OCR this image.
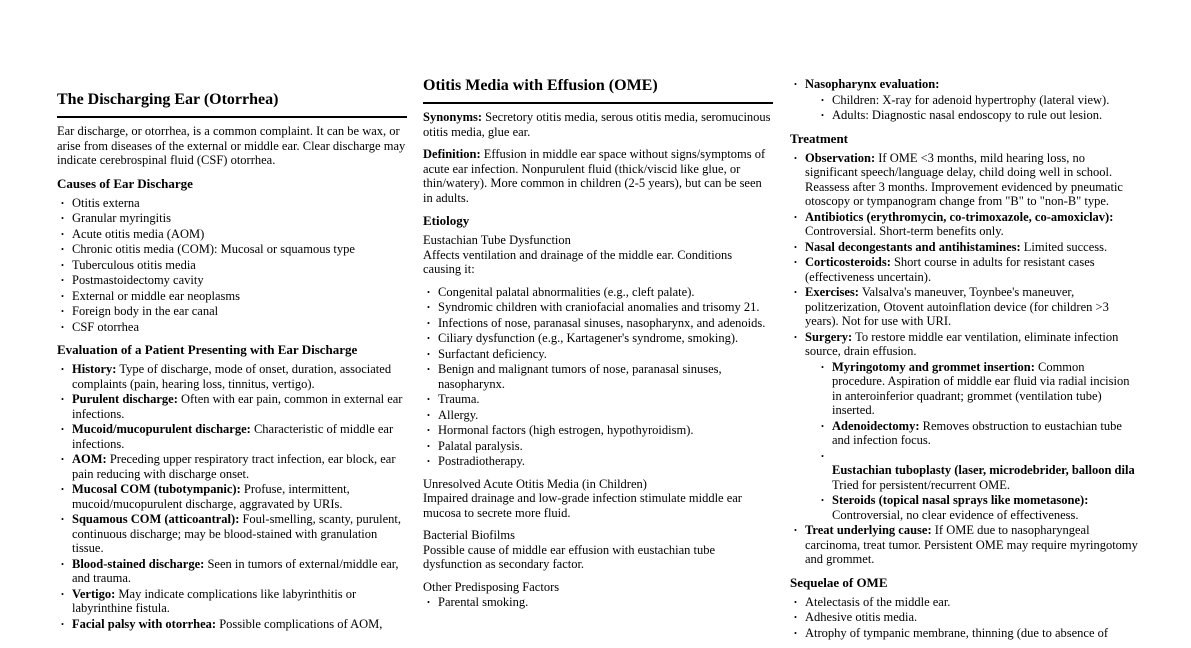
The Discharging Ear (Otorrhea)
Ear discharge, or otorrhea, is a common complaint. It can be wax, or arise from diseases of the external or middle ear. Clear discharge may indicate cerebrospinal fluid (CSF) otorrhea.
Causes of Ear Discharge
• Otitis externa
• Granular myringitis
• Acute otitis media (AOM)
• Chronic otitis media (COM): Mucosal or squamous type
• Tuberculous otitis media
• Postmastoidectomy cavity
• External or middle ear neoplasms
• Foreign body in the ear canal
• CSF otorrhea
Evaluation of a Patient Presenting with Ear Discharge
• History: Type of discharge, mode of onset, duration, associated complaints (pain, hearing loss, tinnitus, vertigo).
• Purulent discharge: Often with ear pain, common in external ear infections.
• Mucoid/mucopurulent discharge: Characteristic of middle ear infections.
• AOM: Preceding upper respiratory tract infection, ear block, ear pain reducing with discharge onset.
• Mucosal COM (tubotympanic): Profuse, intermittent, mucoid/mucopurulent discharge, aggravated by URIs.
• Squamous COM (atticoantral): Foul-smelling, scanty, purulent, continuous discharge; may be blood-stained with granulation tissue.
• Blood-stained discharge: Seen in tumors of external/middle ear, and trauma.
• Vertigo: May indicate complications like labyrinthitis or labyrinthine fistula.
• Facial palsy with otorrhea: Possible complications of AOM,
Otitis Media with Effusion (OME)
Synonyms: Secretory otitis media, serous otitis media, seromucinous otitis media, glue ear.
Definition: Effusion in middle ear space without signs/symptoms of acute ear infection. Nonpurulent fluid (thick/viscid like glue, or thin/watery). More common in children (2-5 years), but can be seen in adults.
Etiology
Eustachian Tube Dysfunction
Affects ventilation and drainage of the middle ear. Conditions causing it:
• Congenital palatal abnormalities (e.g., cleft palate).
• Syndromic children with craniofacial anomalies and trisomy 21.
• Infections of nose, paranasal sinuses, nasopharynx, and adenoids.
• Ciliary dysfunction (e.g., Kartagener's syndrome, smoking).
• Surfactant deficiency.
• Benign and malignant tumors of nose, paranasal sinuses, nasopharynx.
• Trauma.
• Allergy.
• Hormonal factors (high estrogen, hypothyroidism).
• Palatal paralysis.
• Postradiotherapy.
Unresolved Acute Otitis Media (in Children)
Impaired drainage and low-grade infection stimulate middle ear mucosa to secrete more fluid.
Bacterial Biofilms
Possible cause of middle ear effusion with eustachian tube dysfunction as secondary factor.
Other Predisposing Factors
• Parental smoking.
• Nasopharynx evaluation:
• Children: X-ray for adenoid hypertrophy (lateral view).
• Adults: Diagnostic nasal endoscopy to rule out lesion.
Treatment
• Observation: If OME <3 months, mild hearing loss, no significant speech/language delay, child doing well in school. Reassess after 3 months. Improvement evidenced by pneumatic otoscopy or tympanogram change from "B" to "non-B" type.
• Antibiotics (erythromycin, co-trimoxazole, co-amoxiclav):
Controversial. Short-term benefits only.
• Nasal decongestants and antihistamines: Limited success.
• Corticosteroids: Short course in adults for resistant cases (effectiveness uncertain).
• Exercises: Valsalva's maneuver, Toynbee's maneuver, politzerization, Otovent autoinflation device (for children >3 years). Not for use with URI.
• Surgery: To restore middle ear ventilation, eliminate infection source, drain effusion.
• Myringotomy and grommet insertion: Common procedure. Aspiration of middle ear fluid via radial incision in anteroinferior quadrant; grommet (ventilation tube) inserted.
• Adenoidectomy: Removes obstruction to eustachian tube and infection focus.
•
Eustachian tuboplasty (laser, microdebrider, balloon dila
Tried for persistent/recurrent OME.
• Steroids (topical nasal sprays like mometasone):
Controversial, no clear evidence of effectiveness.
• Treat underlying cause: If OME due to nasopharyngeal carcinoma, treat tumor. Persistent OME may require myringotomy and grommet.
Sequelae of OME
• Atelectasis of the middle ear.
• Adhesive otitis media.
• Atrophy of tympanic membrane, thinning (due to absence of
